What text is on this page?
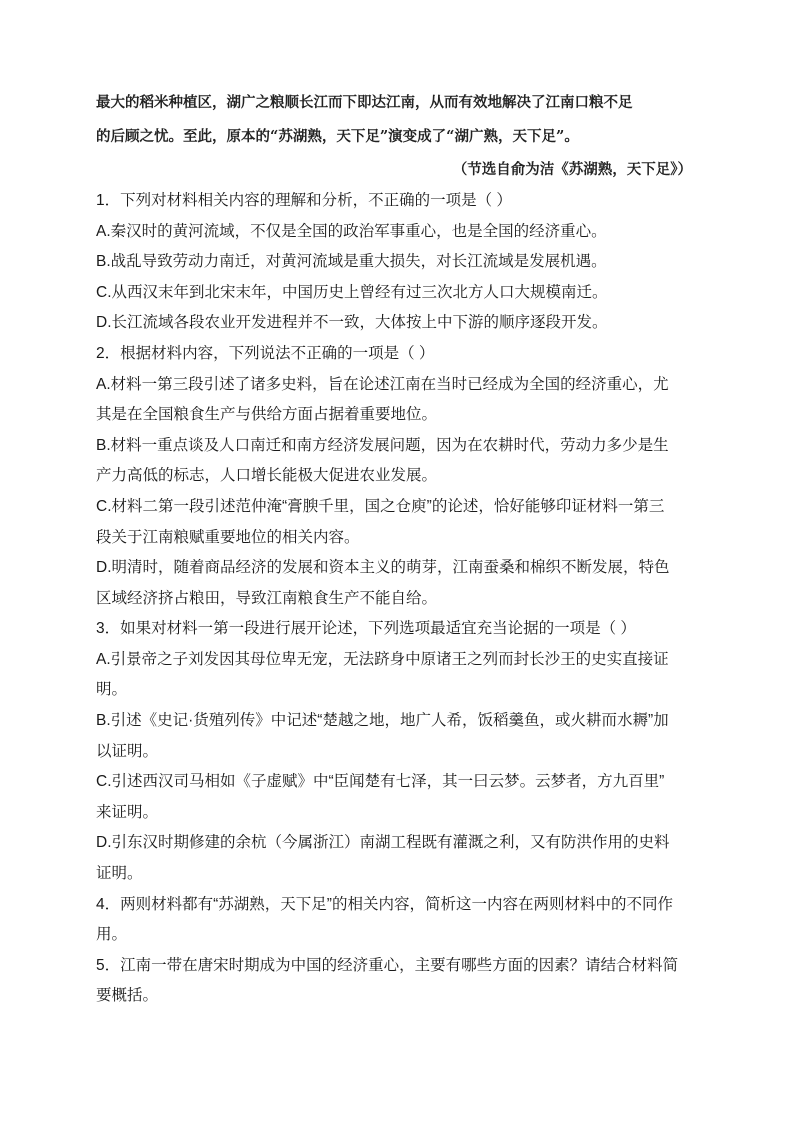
最大的稻米种植区，湖广之粮顺长江而下即达江南，从而有效地解决了江南口粮不足
的后顾之忧。至此，原本的“苏湖熟，天下足”演变成了“湖广熟，天下足”。
（节选自俞为洁《苏湖熟，天下足》）
1．下列对材料相关内容的理解和分析，不正确的一项是（ ）
A.秦汉时的黄河流域，不仅是全国的政治军事重心，也是全国的经济重心。
B.战乱导致劳动力南迁，对黄河流域是重大损失，对长江流域是发展机遇。
C.从西汉末年到北宋末年，中国历史上曾经有过三次北方人口大规模南迁。
D.长江流域各段农业开发进程并不一致，大体按上中下游的顺序逐段开发。
2．根据材料内容，下列说法不正确的一项是（ ）
A.材料一第三段引述了诸多史料，旨在论述江南在当时已经成为全国的经济重心，尤
其是在全国粮食生产与供给方面占据着重要地位。
B.材料一重点谈及人口南迁和南方经济发展问题，因为在农耕时代，劳动力多少是生
产力高低的标志，人口增长能极大促进农业发展。
C.材料二第一段引述范仲淹“膏腴千里，国之仓庾”的论述，恰好能够印证材料一第三
段关于江南粮赋重要地位的相关内容。
D.明清时，随着商品经济的发展和资本主义的萌芽，江南蚕桑和棉织不断发展，特色
区域经济挤占粮田，导致江南粮食生产不能自给。
3．如果对材料一第一段进行展开论述，下列选项最适宜充当论据的一项是（ ）
A.引景帝之子刘发因其母位卑无宠，无法跻身中原诸王之列而封长沙王的史实直接证
明。
B.引述《史记·货殖列传》中记述“楚越之地，地广人希，饭稻羹鱼，或火耕而水耨”加
以证明。
C.引述西汉司马相如《子虚赋》中“臣闻楚有七泽，其一曰云梦。云梦者，方九百里”
来证明。
D.引东汉时期修建的余杭（今属浙江）南湖工程既有灌溉之利，又有防洪作用的史料
证明。
4．两则材料都有“苏湖熟，天下足”的相关内容，简析这一内容在两则材料中的不同作
用。
5．江南一带在唐宋时期成为中国的经济重心，主要有哪些方面的因素？请结合材料简
要概括。
